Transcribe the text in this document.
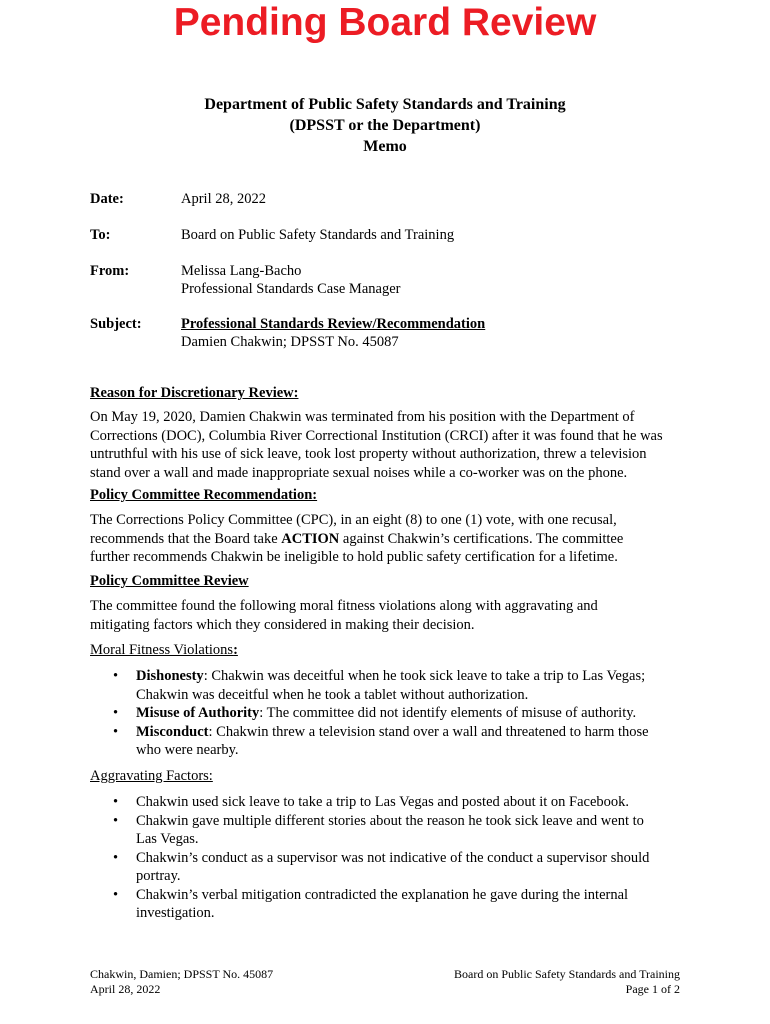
Pending Board Review
Department of Public Safety Standards and Training
(DPSST or the Department)
Memo
Date:	April 28, 2022
To:	Board on Public Safety Standards and Training
From:	Melissa Lang-Bacho
Professional Standards Case Manager
Subject:	Professional Standards Review/Recommendation
Damien Chakwin; DPSST No. 45087
Reason for Discretionary Review:
On May 19, 2020, Damien Chakwin was terminated from his position with the Department of
Corrections (DOC), Columbia River Correctional Institution (CRCI) after it was found that he was
untruthful with his use of sick leave, took lost property without authorization, threw a television
stand over a wall and made inappropriate sexual noises while a co-worker was on the phone.
Policy Committee Recommendation:
The Corrections Policy Committee (CPC), in an eight (8) to one (1) vote, with one recusal,
recommends that the Board take ACTION against Chakwin’s certifications. The committee
further recommends Chakwin be ineligible to hold public safety certification for a lifetime.
Policy Committee Review
The committee found the following moral fitness violations along with aggravating and
mitigating factors which they considered in making their decision.
Moral Fitness Violations:
• Dishonesty: Chakwin was deceitful when he took sick leave to take a trip to Las Vegas;
Chakwin was deceitful when he took a tablet without authorization.
• Misuse of Authority: The committee did not identify elements of misuse of authority.
• Misconduct: Chakwin threw a television stand over a wall and threatened to harm those
who were nearby.
Aggravating Factors:
• Chakwin used sick leave to take a trip to Las Vegas and posted about it on Facebook.
• Chakwin gave multiple different stories about the reason he took sick leave and went to
Las Vegas.
• Chakwin’s conduct as a supervisor was not indicative of the conduct a supervisor should
portray.
• Chakwin’s verbal mitigation contradicted the explanation he gave during the internal
investigation.
Chakwin, Damien; DPSST No. 45087
April 28, 2022
Board on Public Safety Standards and Training
Page 1 of 2
